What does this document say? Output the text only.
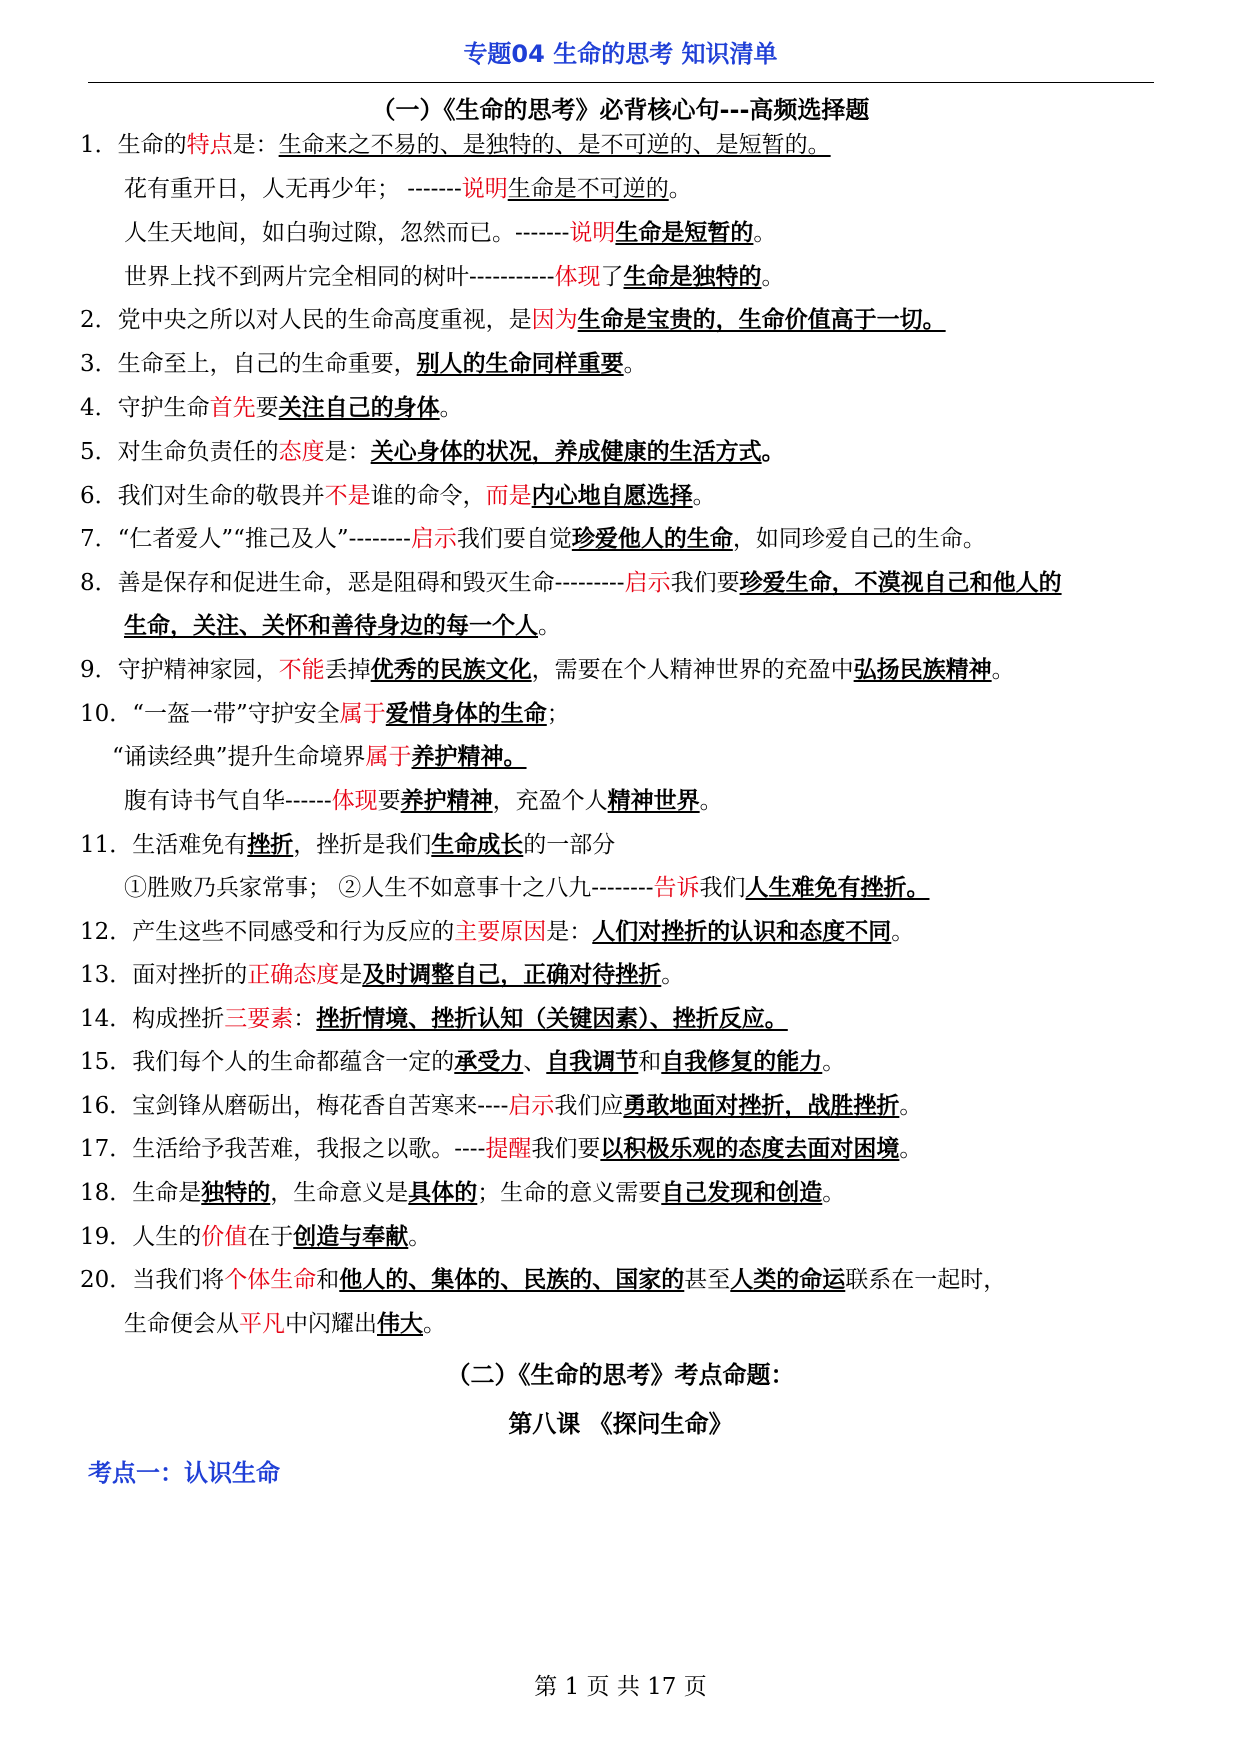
专题04 生命的思考 知识清单
（一）《生命的思考》必背核心句---高频选择题
1．生命的特点是：生命来之不易的、是独特的、是不可逆的、是短暂的。
花有重开日，人无再少年； -------说明生命是不可逆的。
人生天地间，如白驹过隙，忽然而已。-------说明生命是短暂的。
世界上找不到两片完全相同的树叶-----------体现了生命是独特的。
2．党中央之所以对人民的生命高度重视，是因为生命是宝贵的，生命价值高于一切。
3．生命至上，自己的生命重要，别人的生命同样重要。
4．守护生命首先要关注自己的身体。
5．对生命负责任的态度是：关心身体的状况，养成健康的生活方式。
6．我们对生命的敬畏并不是谁的命令，而是内心地自愿选择。
7．“仁者爱人”“推己及人”--------启示我们要自觉珍爱他人的生命，如同珍爱自己的生命。
8．善是保存和促进生命，恶是阻碍和毁灭生命---------启示我们要珍爱生命，不漠视自己和他人的
生命，关注、关怀和善待身边的每一个人。
9．守护精神家园，不能丢掉优秀的民族文化，需要在个人精神世界的充盈中弘扬民族精神。
10．“一盔一带”守护安全属于爱惜身体的生命；
“诵读经典”提升生命境界属于养护精神。
腹有诗书气自华------体现要养护精神，充盈个人精神世界。
11．生活难免有挫折，挫折是我们生命成长的一部分
①胜败乃兵家常事； ②人生不如意事十之八九--------告诉我们人生难免有挫折。
12．产生这些不同感受和行为反应的主要原因是：人们对挫折的认识和态度不同。
13．面对挫折的正确态度是及时调整自己，正确对待挫折。
14．构成挫折三要素：挫折情境、挫折认知（关键因素）、挫折反应。
15．我们每个人的生命都蕴含一定的承受力、自我调节和自我修复的能力。
16．宝剑锋从磨砺出，梅花香自苦寒来----启示我们应勇敢地面对挫折，战胜挫折。
17．生活给予我苦难，我报之以歌。----提醒我们要以积极乐观的态度去面对困境。
18．生命是独特的，生命意义是具体的；生命的意义需要自己发现和创造。
19．人生的价值在于创造与奉献。
20．当我们将个体生命和他人的、集体的、民族的、国家的甚至人类的命运联系在一起时，
生命便会从平凡中闪耀出伟大。
（二）《生命的思考》考点命题：
第八课 《探问生命》
考点一：认识生命
第 1 页 共 17 页
